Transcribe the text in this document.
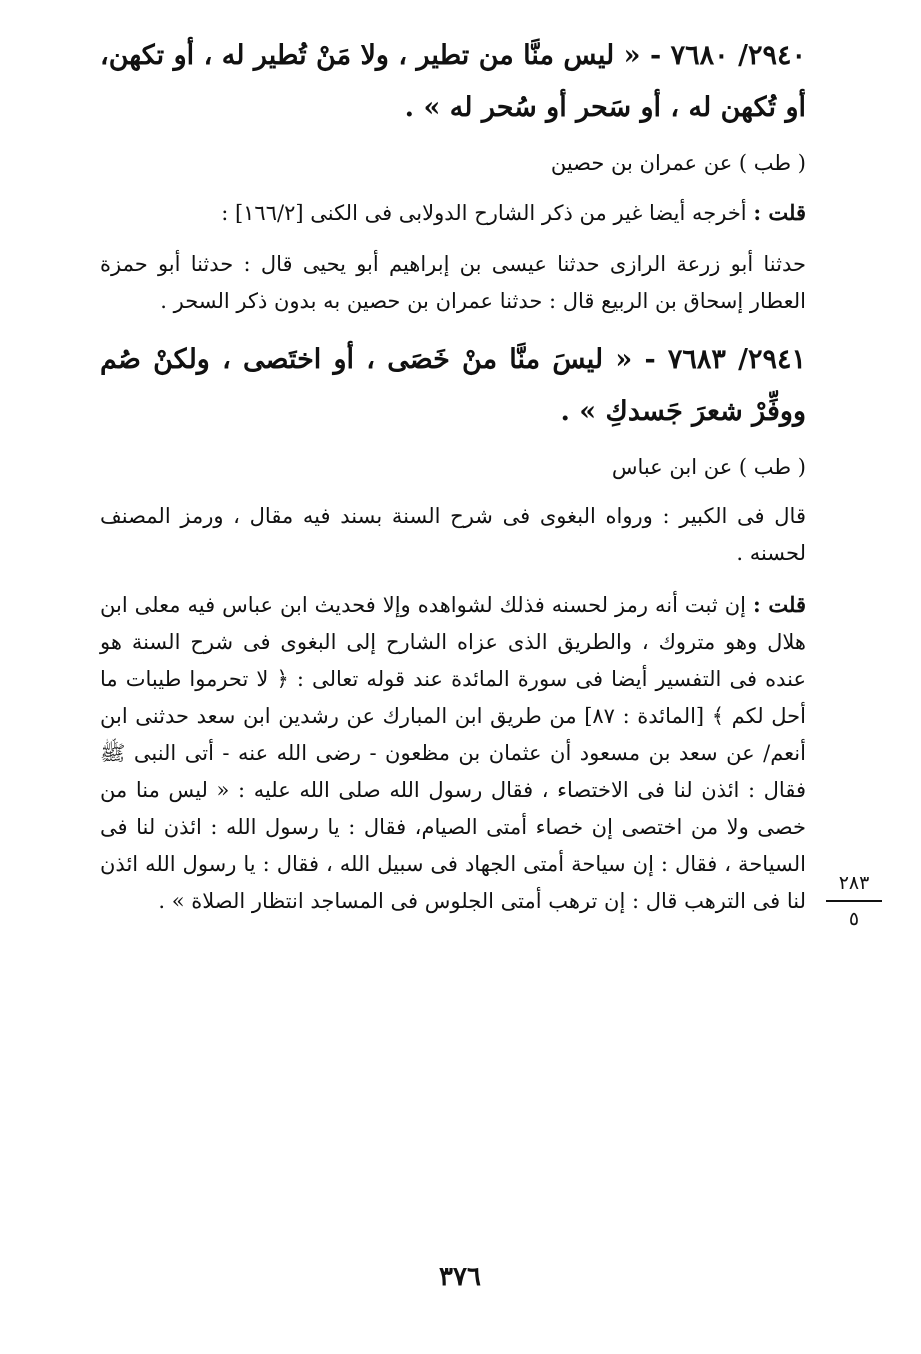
٢٩٤٠/ ٧٦٨٠ - « ليس منَّا من تطير ، ولا مَنْ تُطير له ، أو تكهن، أو تُكهن له ، أو سَحر أو سُحر له » .

( طب ) عن عمران بن حصين

قلت : أخرجه أيضا غير من ذكر الشارح الدولابى فى الكنى [١٦٦/٢] :

حدثنا أبو زرعة الرازى حدثنا عيسى بن إبراهيم أبو يحيى قال : حدثنا أبو حمزة العطار إسحاق بن الربيع قال : حدثنا عمران بن حصين به بدون ذكر السحر .

٢٩٤١/ ٧٦٨٣ - « ليسَ منَّا منْ خَصَى ، أو اختَصى ، ولكنْ صُم ووفِّرْ شعرَ جَسدكِ » .

( طب ) عن ابن عباس

قال فى الكبير : ورواه البغوى فى شرح السنة بسند فيه مقال ، ورمز المصنف لحسنه .

قلت : إن ثبت أنه رمز لحسنه فذلك لشواهده وإلا فحديث ابن عباس فيه معلى ابن هلال وهو متروك ، والطريق الذى عزاه الشارح إلى البغوى فى شرح السنة هو عنده فى التفسير أيضا فى سورة المائدة عند قوله تعالى : ﴿ لا تحرموا طيبات ما أحل لكم ﴾ [المائدة : ٨٧] من طريق ابن المبارك عن رشدين ابن سعد حدثنى ابن أنعم/ عن سعد بن مسعود أن عثمان بن مظعون - رضى الله عنه - أتى النبى ﷺ فقال : ائذن لنا فى الاختصاء ، فقال رسول الله صلى الله عليه : « ليس منا من خصى ولا من اختصى إن خصاء أمتى الصيام، فقال : يا رسول الله : ائذن لنا فى السياحة ، فقال : إن سياحة أمتى الجهاد فى سبيل الله ، فقال : يا رسول الله ائذن لنا فى الترهب قال : إن ترهب أمتى الجلوس فى المساجد انتظار الصلاة » .

٢٨٣
٥
٣٧٦
